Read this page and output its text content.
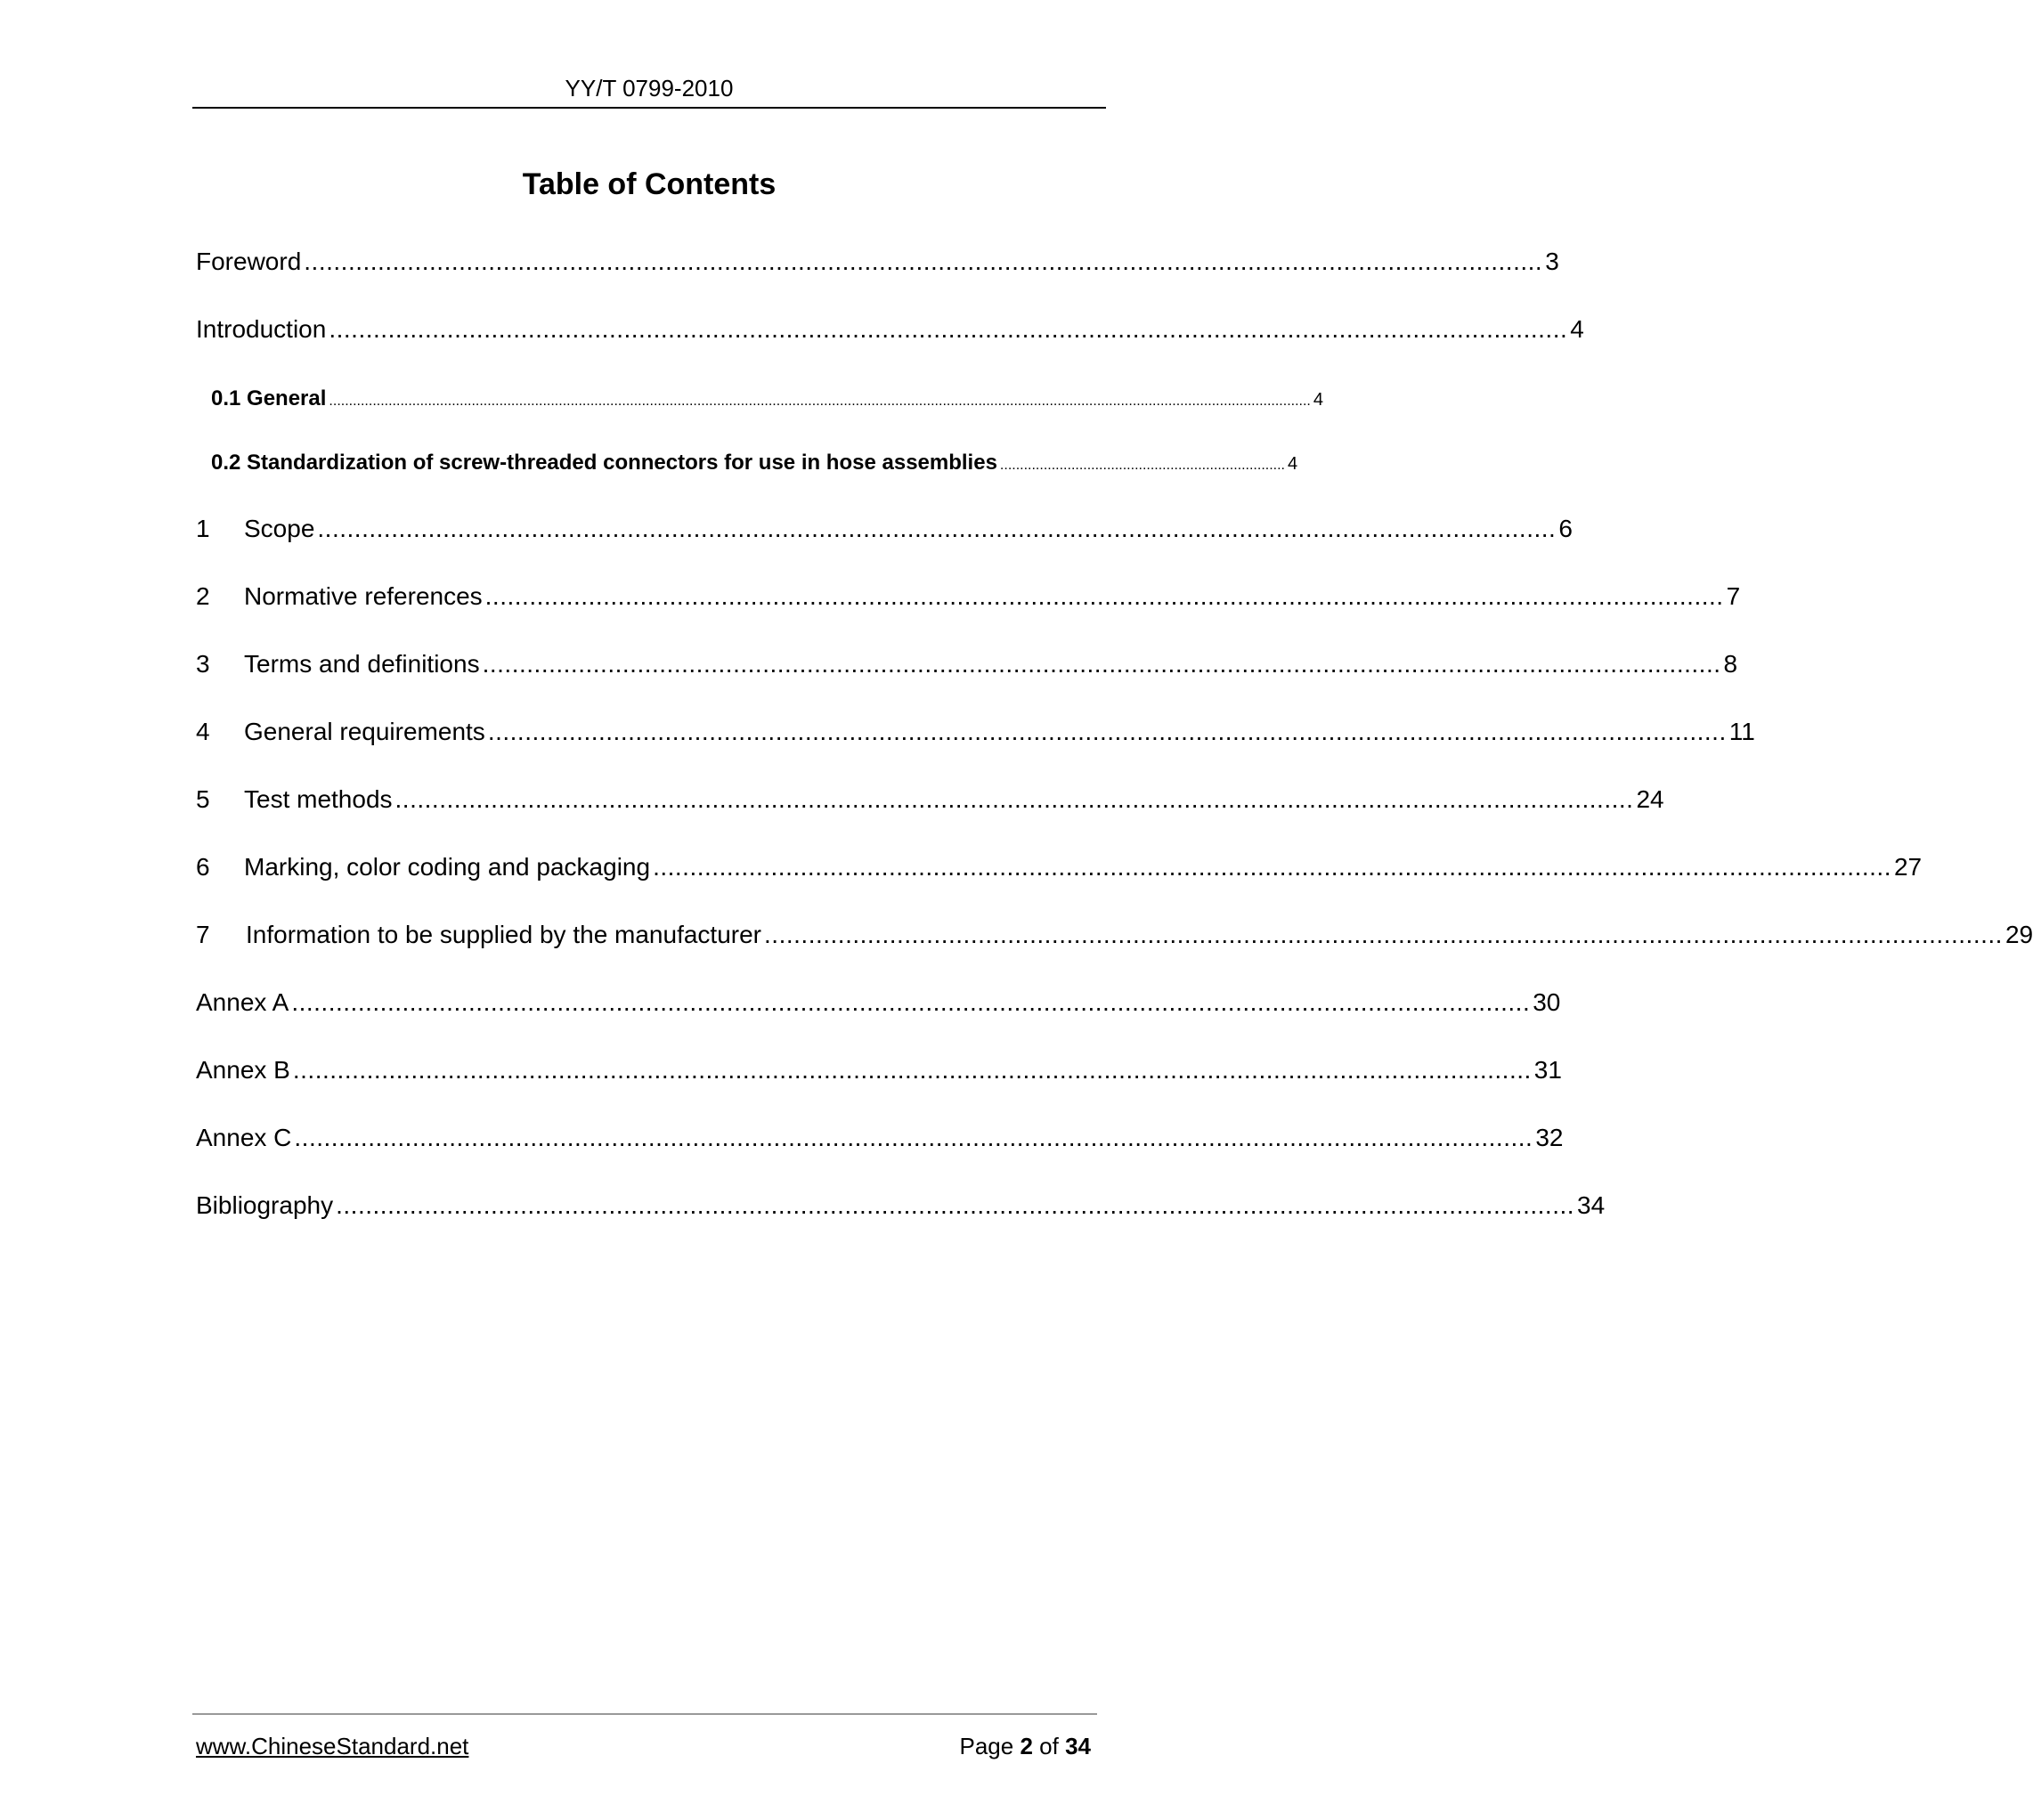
YY/T 0799-2010
Table of Contents
Foreword ........................................................................................................................................................................ 3
Introduction ........................................................................................................................................................................ 4
0.1 General ........................................................................................................................................................................................................................................................ 4
0.2 Standardization of screw-threaded connectors for use in hose assemblies ........................................................................ 4
1	Scope ........................................................................................................................................................................ 6
2	Normative references ........................................................................................................................................................................ 7
3	Terms and definitions ........................................................................................................................................................................ 8
4	General requirements ........................................................................................................................................................................ 11
5	Test methods ........................................................................................................................................................................ 24
6	Marking, color coding and packaging ........................................................................................................................................................................ 27
7	Information to be supplied by the manufacturer ........................................................................................................................................................................ 29
Annex A ........................................................................................................................................................................ 30
Annex B ........................................................................................................................................................................ 31
Annex C ........................................................................................................................................................................ 32
Bibliography ........................................................................................................................................................................ 34
www.ChineseStandard.net	Page 2 of 34
